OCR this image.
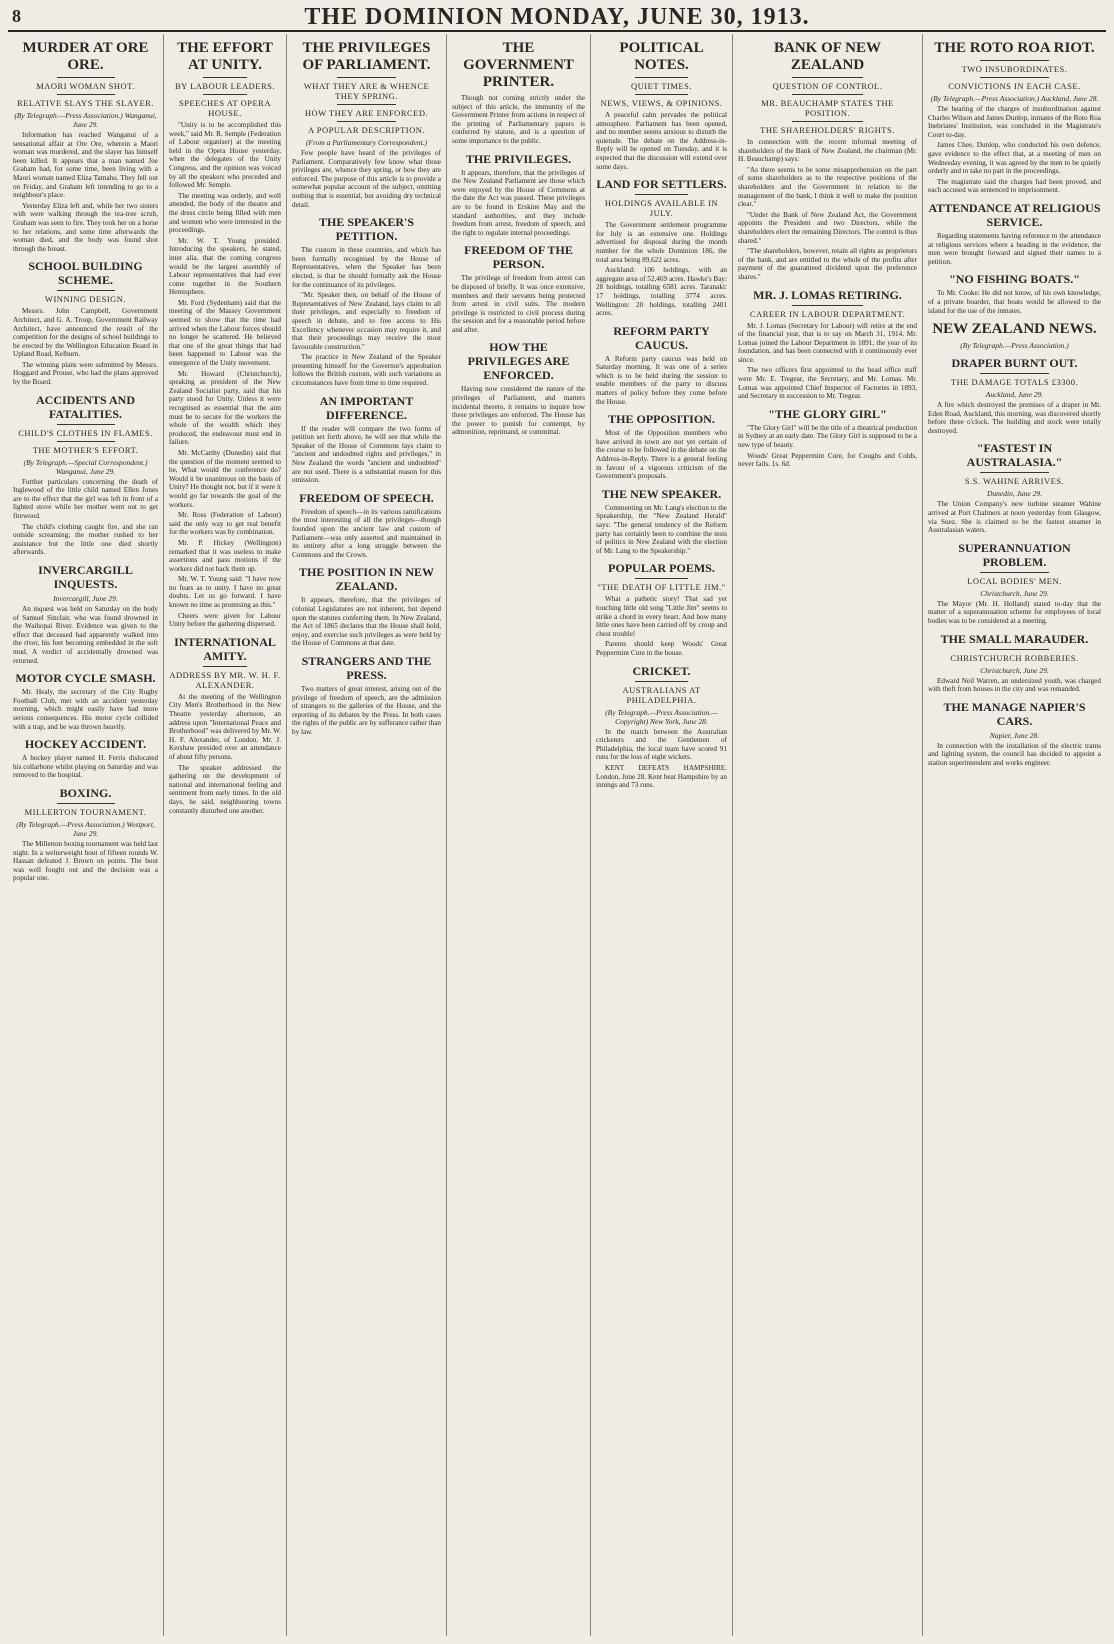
8	THE DOMINION MONDAY, JUNE 30, 1913.
MURDER AT ORE ORE.
MAORI WOMAN SHOT.
RELATIVE SLAYS THE SLAYER.
(By Telegraph.—Press Association.) Wanganui, June 29.

Information has reached Wanganui of a sensational affair at Ore Ore, wherein a Maori woman was murdered, and the slayer has himself been killed. It appears that a man named Joe Graham had, for some time, been living with a Maori woman named Eliza Tamahu. They fell out on Friday, and Graham left intending to go to a neighbour's place.

Yesterday Eliza left and, while her two sisters with were walking through the tea-tree scrub, Graham was seen to fire. They took her on a horse to her relations, and some time afterwards the woman died, and the body was found shot through the breast.

SCHOOL BUILDING SCHEME.
WINNING DESIGN.

Messrs. John Campbell, Government Architect, and G. A. Troup, Government Railway Architect, have announced the result of the competition for the designs of school buildings to be erected by the Wellington Education Board in Upland Road, Kelburn.

The winning plans were submitted by Messrs. Hoggard and Prouse, who had the plans approved by the Board.

ACCIDENTS AND FATALITIES.
CHILD'S CLOTHES IN FLAMES.
THE MOTHER'S EFFORT.
(By Telegraph.—Special Correspondent.) Wanganui, June 29.

Further particulars concerning the death of Inglewood of the little child named Ellen Jones are to the effect that the girl was left in front of a lighted stove while her mother went out to get firewood.

The child's clothing caught fire, and she ran outside screaming; the mother rushed to her assistance but the little one died shortly afterwards.

INVERCARGILL INQUESTS.
Invercargill, June 29.

An inquest was held on Saturday on the body of Samuel Sinclair, who was found drowned in the Waihopai River. Evidence was given to the effect that deceased had apparently walked into the river, his feet becoming embedded in the soft mud. A verdict of accidentally drowned was returned.

MOTOR CYCLE SMASH.

Mr. Healy, the secretary of the City Rugby Football Club, met with an accident yesterday morning, which might easily have had more serious consequences. His motor cycle collided with a trap, and he was thrown heavily.

HOCKEY ACCIDENT.

A hockey player named H. Ferris dislocated his collarbone whilst playing on Saturday and was removed to the hospital.

BOXING.
MILLERTON TOURNAMENT.
(By Telegraph.—Press Association.) Westport, June 29.

The Millerton boxing tournament was held last night. In a welterweight bout of fifteen rounds W. Hassan defeated J. Brown on points. The bout was well fought out and the decision was a popular one.

THE EFFORT AT UNITY.
BY LABOUR LEADERS.
SPEECHES AT OPERA HOUSE.

"Unity is to be accomplished this week," said Mr. R. Semple (Federation of Labour organiser) at the meeting held in the Opera House yesterday, when the delegates of the Unity Congress, and the opinion was voiced by all the speakers who preceded and followed Mr. Semple.

The meeting was orderly, and well attended, the body of the theatre and the dress circle being filled with men and women who were interested in the proceedings.

Mr. W. T. Young presided. Introducing the speakers, he stated, inter alia, that the coming congress would be the largest assembly of Labour representatives that had ever come together in the Southern Hemisphere.

Mr. Ford (Sydenham) said that the meeting of the Massey Government seemed to show that the time had arrived when the Labour forces should no longer be scattered. He believed that one of the great things that had been happened to Labour was the emergence of the Unity movement.

Mr. Howard (Christchurch), speaking as president of the New Zealand Socialist party, said that his party stood for Unity. Unless it were recognised as essential that the aim must be to secure for the workers the whole of the wealth which they produced, the endeavour must end in failure.

Mr. McCarthy (Dunedin) said that the question of the moment seemed to be, What would the conference do? Would it be unanimous on the basis of Unity? He thought not, but if it were it would go far towards the goal of the workers.

Mr. Ross (Federation of Labour) said the only way to get real benefit for the workers was by combination.

Mr. P. Hickey (Wellington) remarked that it was useless to make assertions and pass motions if the workers did not back them up.

Mr. W. T. Young said: "I have now no fears as to unity. I have no great doubts. Let us go forward. I have known no time as promising as this."

Cheers were given for Labour Unity before the gathering dispersed.

INTERNATIONAL AMITY.
ADDRESS BY MR. W. H. F. ALEXANDER.

At the meeting of the Wellington City Men's Brotherhood in the New Theatre yesterday afternoon, an address upon "International Peace and Brotherhood" was delivered by Mr. W. H. F. Alexander, of London. Mr. J. Kershaw presided over an attendance of about fifty persons.

The speaker addressed the gathering on the development of national and international feeling and sentiment from early times. In the old days, he said, neighbouring towns constantly disturbed one another.

THE PRIVILEGES OF PARLIAMENT.
WHAT THEY ARE & WHENCE THEY SPRING.
HOW THEY ARE ENFORCED.
A POPULAR DESCRIPTION.
(From a Parliamentary Correspondent.)

Few people have heard of the privileges of Parliament. Comparatively few know what those privileges are, whence they spring, or how they are enforced. The purpose of this article is to provide a somewhat popular account of the subject, omitting nothing that is essential, but avoiding dry technical detail.

THE SPEAKER'S PETITION.

The custom in these countries, and which has been formally recognised by the House of Representatives, when the Speaker has been elected, is that he should formally ask the House for the continuance of its privileges.

"Mr. Speaker then, on behalf of the House of Representatives of New Zealand, lays claim to all their privileges, and especially to freedom of speech in debate, and to free access to His Excellency whenever occasion may require it, and that their proceedings may receive the most favourable construction."

The practice in New Zealand of the Speaker presenting himself for the Governor's approbation follows the British custom, with such variations as circumstances have from time to time required.

AN IMPORTANT DIFFERENCE.

If the reader will compare the two forms of petition set forth above, he will see that while the Speaker of the House of Commons lays claim to "ancient and undoubted rights and privileges," in New Zealand the words "ancient and undoubted" are not used. There is a substantial reason for this omission.

FREEDOM OF SPEECH.

Freedom of speech—in its various ramifications the most interesting of all the privileges—though founded upon the ancient law and custom of Parliament—was only asserted and maintained in its entirety after a long struggle between the Commons and the Crown.

THE POSITION IN NEW ZEALAND.

It appears, therefore, that the privileges of colonial Legislatures are not inherent, but depend upon the statutes conferring them. In New Zealand, the Act of 1865 declares that the House shall hold, enjoy, and exercise such privileges as were held by the House of Commons at that date.

STRANGERS AND THE PRESS.

Two matters of great interest, arising out of the privilege of freedom of speech, are the admission of strangers to the galleries of the House, and the reporting of its debates by the Press. In both cases the rights of the public are by sufferance rather than by law.

THE GOVERNMENT PRINTER.

Though not coming strictly under the subject of this article, the immunity of the Government Printer from actions in respect of the printing of Parliamentary papers is conferred by statute, and is a question of some importance to the public.

THE PRIVILEGES.

It appears, therefore, that the privileges of the New Zealand Parliament are those which were enjoyed by the House of Commons at the date the Act was passed. These privileges are to be found in Erskine May and the standard authorities, and they include freedom from arrest, freedom of speech, and the right to regulate internal proceedings.

FREEDOM OF THE PERSON.

The privilege of freedom from arrest can be disposed of briefly. It was once extensive, members and their servants being protected from arrest in civil suits. The modern privilege is restricted to civil process during the session and for a reasonable period before and after.

HOW THE PRIVILEGES ARE ENFORCED.

Having now considered the nature of the privileges of Parliament, and matters incidental thereto, it remains to inquire how these privileges are enforced. The House has the power to punish for contempt, by admonition, reprimand, or committal.

POLITICAL NOTES.
QUIET TIMES.
NEWS, VIEWS, & OPINIONS.

A peaceful calm pervades the political atmosphere. Parliament has been opened, and no member seems anxious to disturb the quietude. The debate on the Address-in-Reply will be opened on Tuesday, and it is expected that the discussion will extend over some days.

LAND FOR SETTLERS.
HOLDINGS AVAILABLE IN JULY.

The Government settlement programme for July is an extensive one. Holdings advertised for disposal during the month number for the whole Dominion 186, the total area being 89,622 acres.

Auckland: 106 holdings, with an aggregate area of 52,469 acres. Hawke's Bay: 28 holdings, totalling 6581 acres. Taranaki: 17 holdings, totalling 3774 acres. Wellington: 20 holdings, totalling 2401 acres.

REFORM PARTY CAUCUS.

A Reform party caucus was held on Saturday morning. It was one of a series which is to be held during the session to enable members of the party to discuss matters of policy before they come before the House.

THE OPPOSITION.

Most of the Opposition members who have arrived in town are not yet certain of the course to be followed in the debate on the Address-in-Reply. There is a general feeling in favour of a vigorous criticism of the Government's proposals.

THE NEW SPEAKER.

Commenting on Mr. Lang's election to the Speakership, the "New Zealand Herald" says: "The general tendency of the Reform party has certainly been to combine the tests of politics in New Zealand with the election of Mr. Lang to the Speakership."

POPULAR POEMS.
"THE DEATH OF LITTLE JIM."

What a pathetic story! That sad yet touching little old song "Little Jim" seems to strike a chord in every heart. And how many little ones have been carried off by croup and chest trouble!

Parents should keep Woods' Great Peppermint Cure in the house.

CRICKET.
AUSTRALIANS AT PHILADELPHIA.
(By Telegraph.—Press Association.—Copyright) New York, June 28.

In the match between the Australian cricketers and the Gentlemen of Philadelphia, the local team have scored 91 runs for the loss of eight wickets.

KENT DEFEATS HAMPSHIRE. London, June 28. Kent beat Hampshire by an innings and 73 runs.

BANK OF NEW ZEALAND
QUESTION OF CONTROL.
MR. BEAUCHAMP STATES THE POSITION.
THE SHAREHOLDERS' RIGHTS.

In connection with the recent informal meeting of shareholders of the Bank of New Zealand, the chairman (Mr. H. Beauchamp) says:

"As there seems to be some misapprehension on the part of some shareholders as to the respective positions of the shareholders and the Government in relation to the management of the bank, I think it well to make the position clear."

"Under the Bank of New Zealand Act, the Government appoints the President and two Directors, while the shareholders elect the remaining Directors. The control is thus shared."

"The shareholders, however, retain all rights as proprietors of the bank, and are entitled to the whole of the profits after payment of the guaranteed dividend upon the preference shares."

MR. J. LOMAS RETIRING.
CAREER IN LABOUR DEPARTMENT.

Mr. J. Lomas (Secretary for Labour) will retire at the end of the financial year, that is to say on March 31, 1914. Mr. Lomas joined the Labour Department in 1891, the year of its foundation, and has been connected with it continuously ever since.

The two officers first appointed to the head office staff were Mr. E. Tregear, the Secretary, and Mr. Lomas. Mr. Lomas was appointed Chief Inspector of Factories in 1893, and Secretary in succession to Mr. Tregear.

"THE GLORY GIRL"

"The Glory Girl" will be the title of a theatrical production in Sydney at an early date. The Glory Girl is supposed to be a new type of beauty.

Woods' Great Peppermint Cure, for Coughs and Colds, never fails. 1s. 6d.

THE ROTO ROA RIOT.
TWO INSUBORDINATES.
CONVICTIONS IN EACH CASE.
(By Telegraph.—Press Association.) Auckland, June 28.

The hearing of the charges of insubordination against Charles Wilson and James Dunlop, inmates of the Roto Roa Inebriates' Institution, was concluded in the Magistrate's Court to-day.

James Chee, Dunlop, who conducted his own defence, gave evidence to the effect that, at a meeting of men on Wednesday evening, it was agreed by the men to be quietly orderly and to take no part in the proceedings.

The magistrate said the charges had been proved, and each accused was sentenced to imprisonment.

ATTENDANCE AT RELIGIOUS SERVICE.

Regarding statements having reference to the attendance at religious services where a heading in the evidence, the men were brought forward and signed their names to a petition.

"NO FISHING BOATS."

To Mr. Cooke: He did not know, of his own knowledge, of a private boarder, that boats would be allowed to the island for the use of the inmates.

NEW ZEALAND NEWS.
(By Telegraph.—Press Association.)
DRAPER BURNT OUT.
THE DAMAGE TOTALS £3300.
Auckland, June 29.

A fire which destroyed the premises of a draper in Mt. Eden Road, Auckland, this morning, was discovered shortly before three o'clock. The building and stock were totally destroyed.

"FASTEST IN AUSTRALASIA."
S.S. WAHINE ARRIVES.
Dunedin, June 29.

The Union Company's new turbine steamer Wahine arrived at Port Chalmers at noon yesterday from Glasgow, via Suez. She is claimed to be the fastest steamer in Australasian waters.

SUPERANNUATION PROBLEM.
LOCAL BODIES' MEN.
Christchurch, June 29.

The Mayor (Mr. H. Holland) stated to-day that the matter of a superannuation scheme for employees of local bodies was to be considered at a meeting.

THE SMALL MARAUDER.
CHRISTCHURCH ROBBERIES.
Christchurch, June 29.

Edward Neil Warren, an undersized youth, was charged with theft from houses in the city and was remanded.

THE MANAGE NAPIER'S CARS.
Napier, June 28.

In connection with the installation of the electric trams and lighting system, the council has decided to appoint a station superintendent and works engineer.
